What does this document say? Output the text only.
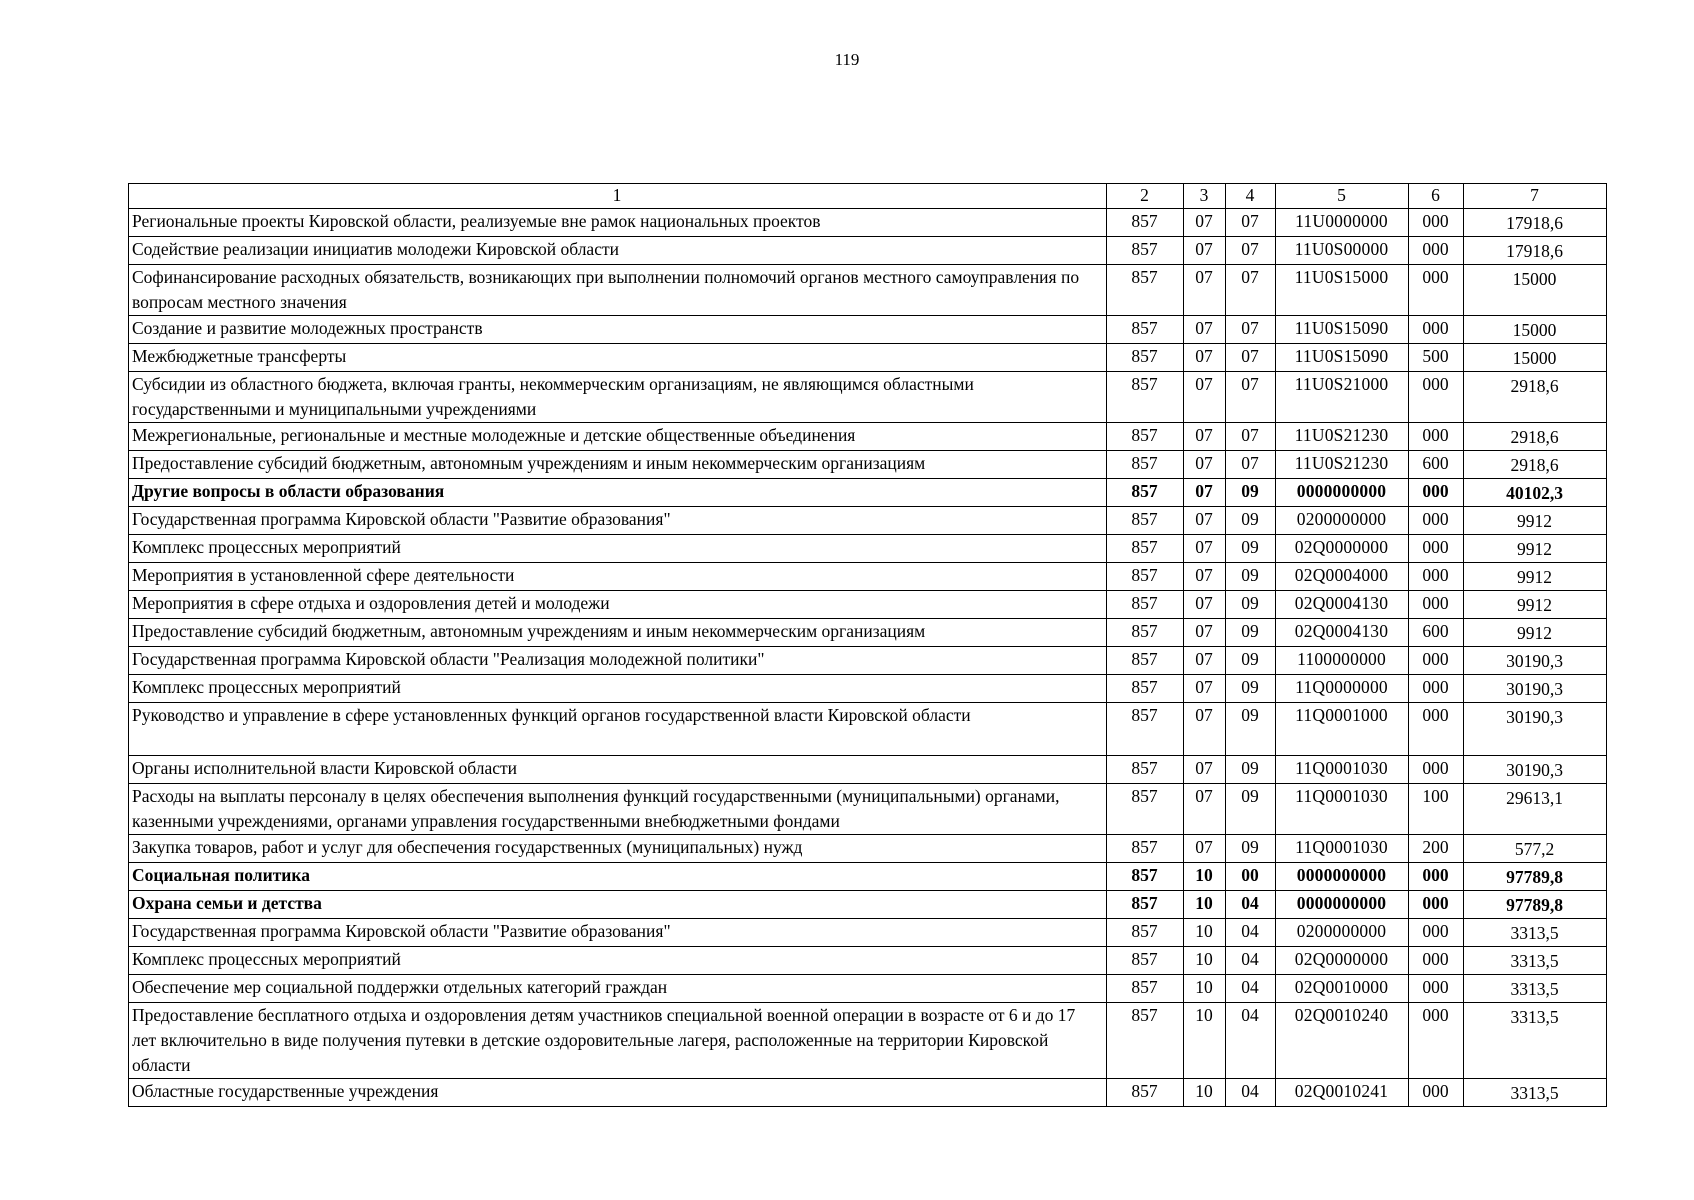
119
1	2	3	4	5	6	7
Региональные проекты Кировской области, реализуемые вне рамок национальных проектов	857	07	07	11U0000000	000	17918,6
Содействие реализации инициатив молодежи Кировской области	857	07	07	11U0S00000	000	17918,6
Софинансирование расходных обязательств, возникающих при выполнении полномочий органов местного самоуправления по вопросам местного значения	857	07	07	11U0S15000	000	15000
Создание и развитие молодежных пространств	857	07	07	11U0S15090	000	15000
Межбюджетные трансферты	857	07	07	11U0S15090	500	15000
Субсидии из областного бюджета, включая гранты, некоммерческим организациям, не являющимся областными государственными и муниципальными учреждениями	857	07	07	11U0S21000	000	2918,6
Межрегиональные, региональные и местные молодежные и детские общественные объединения	857	07	07	11U0S21230	000	2918,6
Предоставление субсидий бюджетным, автономным учреждениям и иным некоммерческим организациям	857	07	07	11U0S21230	600	2918,6
Другие вопросы в области образования	857	07	09	0000000000	000	40102,3
Государственная программа Кировской области "Развитие образования"	857	07	09	0200000000	000	9912
Комплекс процессных мероприятий	857	07	09	02Q0000000	000	9912
Мероприятия в установленной сфере деятельности	857	07	09	02Q0004000	000	9912
Мероприятия в сфере отдыха и оздоровления детей и молодежи	857	07	09	02Q0004130	000	9912
Предоставление субсидий бюджетным, автономным учреждениям и иным некоммерческим организациям	857	07	09	02Q0004130	600	9912
Государственная программа Кировской области "Реализация молодежной политики"	857	07	09	1100000000	000	30190,3
Комплекс процессных мероприятий	857	07	09	11Q0000000	000	30190,3
Руководство и управление в сфере установленных функций органов государственной власти Кировской области	857	07	09	11Q0001000	000	30190,3
Органы исполнительной власти Кировской области	857	07	09	11Q0001030	000	30190,3
Расходы на выплаты персоналу в целях обеспечения выполнения функций государственными (муниципальными) органами, казенными учреждениями, органами управления государственными внебюджетными фондами	857	07	09	11Q0001030	100	29613,1
Закупка товаров, работ и услуг для обеспечения государственных (муниципальных) нужд	857	07	09	11Q0001030	200	577,2
Социальная политика	857	10	00	0000000000	000	97789,8
Охрана семьи и детства	857	10	04	0000000000	000	97789,8
Государственная программа Кировской области "Развитие образования"	857	10	04	0200000000	000	3313,5
Комплекс процессных мероприятий	857	10	04	02Q0000000	000	3313,5
Обеспечение мер социальной поддержки отдельных категорий граждан	857	10	04	02Q0010000	000	3313,5
Предоставление бесплатного отдыха и оздоровления детям участников специальной военной операции в возрасте от 6 и до 17 лет включительно в виде получения путевки в детские оздоровительные лагеря, расположенные на территории Кировской области	857	10	04	02Q0010240	000	3313,5
Областные государственные учреждения	857	10	04	02Q0010241	000	3313,5
